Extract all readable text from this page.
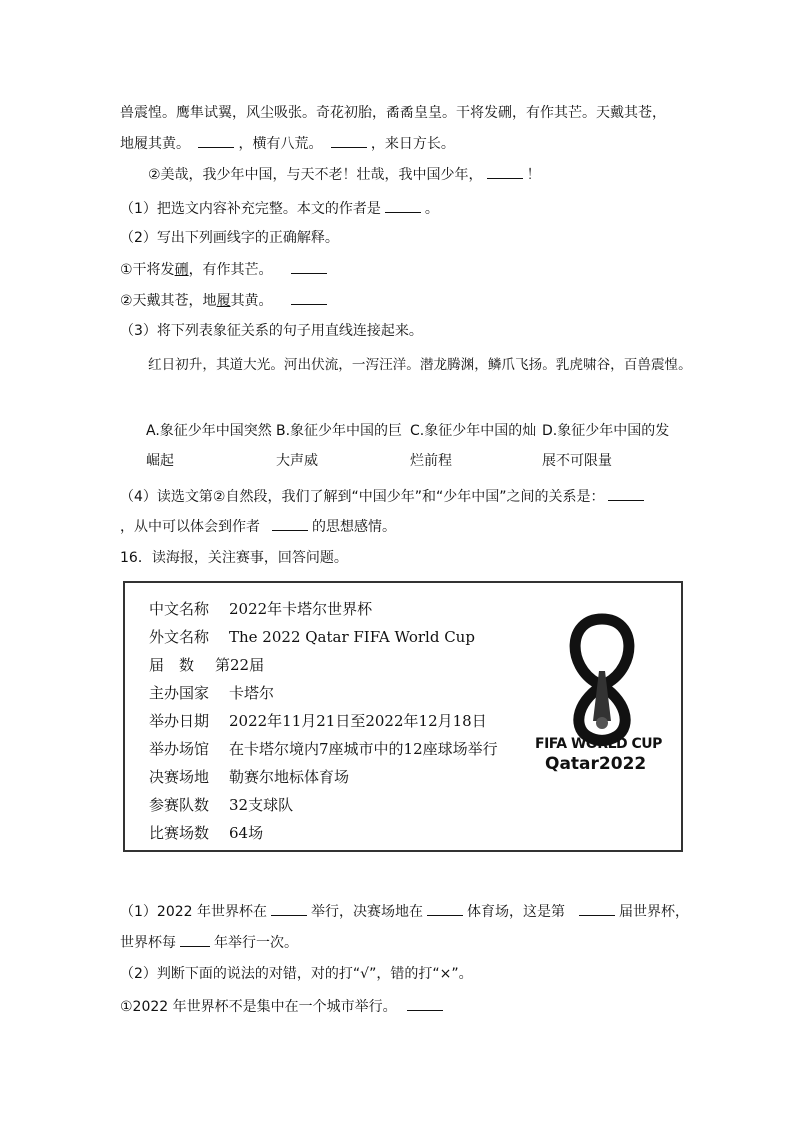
兽震惶。鹰隼试翼，风尘吸张。奇花初胎，矞矞皇皇。干将发硎，有作其芒。天戴其苍，
地履其黄。	，横有八荒。	，来日方长。
②美哉，我少年中国，与天不老！壮哉，我中国少年，	！
（1）把选文内容补充完整。本文的作者是	。
（2）写出下列画线字的正确解释。
①干将发硎，有作其芒。
②天戴其苍，地履其黄。
（3）将下列表象征关系的句子用直线连接起来。
红日初升，其道大光。河出伏流，一泻汪洋。潜龙腾渊，鳞爪飞扬。乳虎啸谷，百兽震惶。
A.象征少年中国突然
崛起
B.象征少年中国的巨
大声威
C.象征少年中国的灿
烂前程
D.象征少年中国的发
展不可限量
（4）读选文第②自然段，我们了解到“中国少年”和“少年中国”之间的关系是：
，从中可以体会到作者	的思想感情。
16．读海报，关注赛事，回答问题。
中文名称 2022年卡塔尔世界杯
外文名称 The 2022 Qatar FIFA World Cup
届　数 第22届
主办国家 卡塔尔
举办日期 2022年11月21日至2022年12月18日
举办场馆 在卡塔尔境内7座城市中的12座球场举行
决赛场地 勒赛尔地标体育场
参赛队数 32支球队
比赛场数 64场
FIFA WORLD CUP
Qatar2022
（1）2022 年世界杯在	举行，决赛场地在	体育场，这是第	届世界杯，
世界杯每	年举行一次。
（2）判断下面的说法的对错，对的打“√”，错的打“×”。
①2022 年世界杯不是集中在一个城市举行。
